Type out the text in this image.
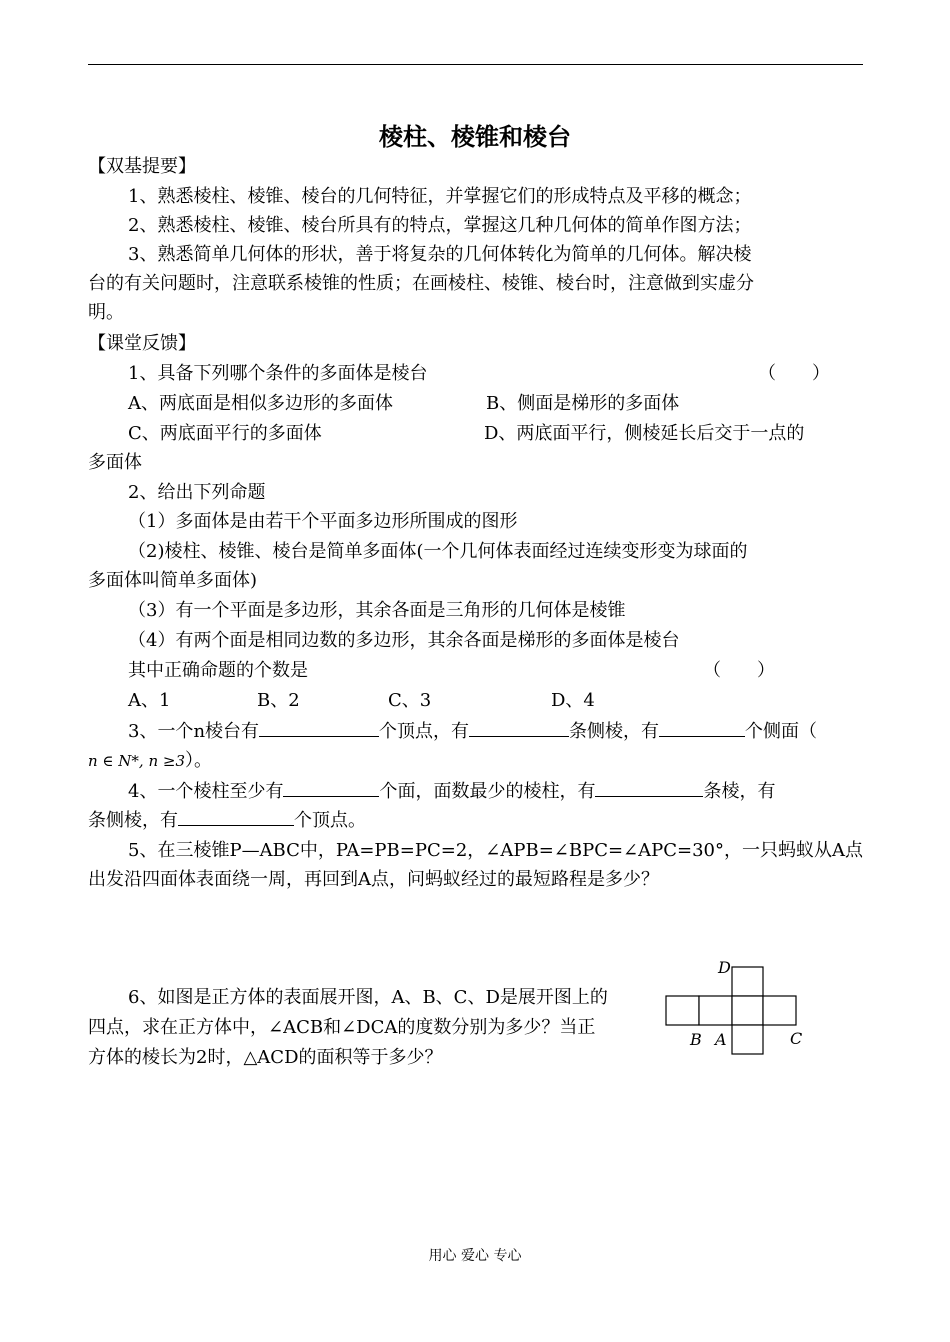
棱柱、棱锥和棱台
【双基提要】
1、熟悉棱柱、棱锥、棱台的几何特征，并掌握它们的形成特点及平移的概念；
2、熟悉棱柱、棱锥、棱台所具有的特点，掌握这几种几何体的简单作图方法；
3、熟悉简单几何体的形状，善于将复杂的几何体转化为简单的几何体。解决棱
台的有关问题时，注意联系棱锥的性质；在画棱柱、棱锥、棱台时，注意做到实虚分
明。
【课堂反馈】
1、具备下列哪个条件的多面体是棱台	（　　）
A、两底面是相似多边形的多面体	B、侧面是梯形的多面体
C、两底面平行的多面体	D、两底面平行，侧棱延长后交于一点的
多面体
2、给出下列命题
（1）多面体是由若干个平面多边形所围成的图形
（2)棱柱、棱锥、棱台是简单多面体(一个几何体表面经过连续变形变为球面的
多面体叫简单多面体)
（3）有一个平面是多边形，其余各面是三角形的几何体是棱锥
（4）有两个面是相同边数的多边形，其余各面是梯形的多面体是棱台
其中正确命题的个数是	（　　）
A、1	B、2	C、3	D、4
3、一个n棱台有	个顶点，有	条侧棱，有	个侧面（
n ∈ N*, n ≥3）。
4、一个棱柱至少有	个面，面数最少的棱柱，有	条棱，有
条侧棱，有	个顶点。
5、在三棱锥P—ABC中，PA=PB=PC=2，∠APB=∠BPC=∠APC=30°，一只蚂蚁从A点
出发沿四面体表面绕一周，再回到A点，问蚂蚁经过的最短路程是多少？
6、如图是正方体的表面展开图，A、B、C、D是展开图上的
四点，求在正方体中，∠ACB和∠DCA的度数分别为多少？当正
方体的棱长为2时，△ACD的面积等于多少？
D
B A	C
用心 爱心 专心
